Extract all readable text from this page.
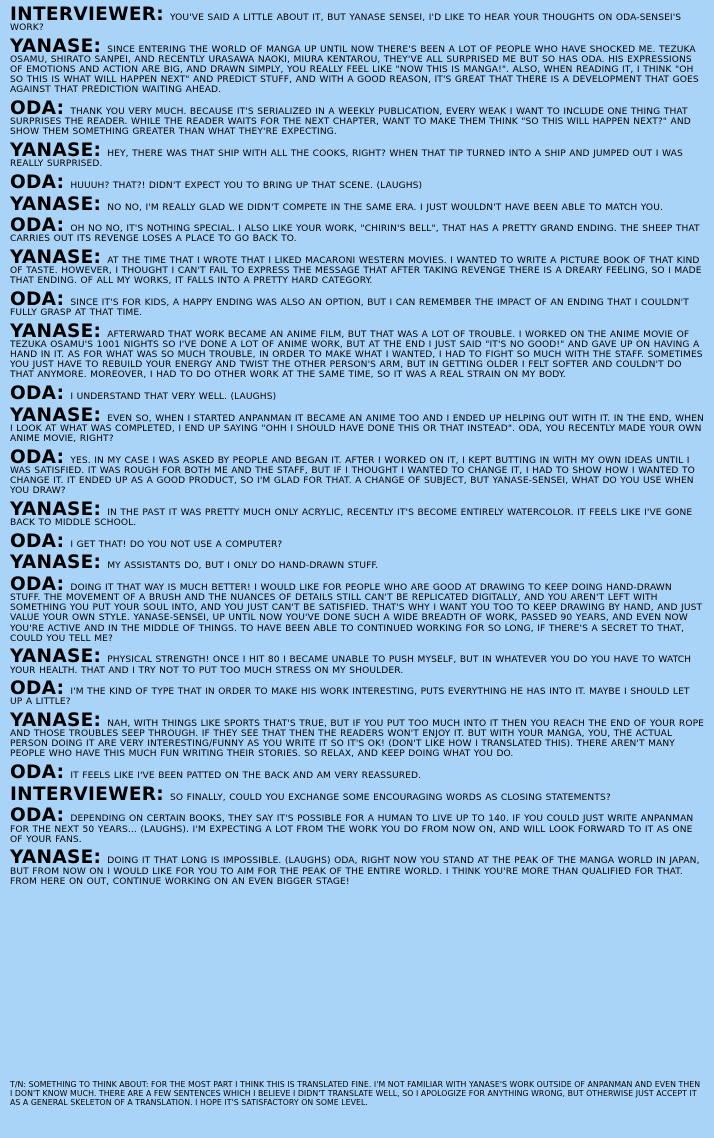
INTERVIEWER: YOU'VE SAID A LITTLE ABOUT IT, BUT YANASE SENSEI, I'D LIKE TO HEAR YOUR THOUGHTS ON ODA-SENSEI'S WORK?
YANASE: SINCE ENTERING THE WORLD OF MANGA UP UNTIL NOW THERE'S BEEN A LOT OF PEOPLE WHO HAVE SHOCKED ME. TEZUKA OSAMU, SHIRATO SANPEI, AND RECENTLY URASAWA NAOKI, MIURA KENTAROU, THEY'VE ALL SURPRISED ME BUT SO HAS ODA. HIS EXPRESSIONS OF EMOTIONS AND ACTION ARE BIG, AND DRAWN SIMPLY, YOU REALLY FEEL LIKE "NOW THIS IS MANGA!". ALSO, WHEN READING IT, I THINK "OH SO THIS IS WHAT WILL HAPPEN NEXT" AND PREDICT STUFF, AND WITH A GOOD REASON, IT'S GREAT THAT THERE IS A DEVELOPMENT THAT GOES AGAINST THAT PREDICTION WAITING AHEAD.
ODA: THANK YOU VERY MUCH. BECAUSE IT'S SERIALIZED IN A WEEKLY PUBLICATION, EVERY WEAK I WANT TO INCLUDE ONE THING THAT SURPRISES THE READER. WHILE THE READER WAITS FOR THE NEXT CHAPTER, WANT TO MAKE THEM THINK "SO THIS WILL HAPPEN NEXT?" AND SHOW THEM SOMETHING GREATER THAN WHAT THEY'RE EXPECTING.
YANASE: HEY, THERE WAS THAT SHIP WITH ALL THE COOKS, RIGHT? WHEN THAT TIP TURNED INTO A SHIP AND JUMPED OUT I WAS REALLY SURPRISED.
ODA: HUUUH? THAT?! DIDN'T EXPECT YOU TO BRING UP THAT SCENE. (LAUGHS)
YANASE: NO NO, I'M REALLY GLAD WE DIDN'T COMPETE IN THE SAME ERA. I JUST WOULDN'T HAVE BEEN ABLE TO MATCH YOU.
ODA: OH NO NO, IT'S NOTHING SPECIAL. I ALSO LIKE YOUR WORK, "CHIRIN'S BELL", THAT HAS A PRETTY GRAND ENDING. THE SHEEP THAT CARRIES OUT ITS REVENGE LOSES A PLACE TO GO BACK TO.
YANASE: AT THE TIME THAT I WROTE THAT I LIKED MACARONI WESTERN MOVIES. I WANTED TO WRITE A PICTURE BOOK OF THAT KIND OF TASTE. HOWEVER, I THOUGHT I CAN'T FAIL TO EXPRESS THE MESSAGE THAT AFTER TAKING REVENGE THERE IS A DREARY FEELING, SO I MADE THAT ENDING. OF ALL MY WORKS, IT FALLS INTO A PRETTY HARD CATEGORY.
ODA: SINCE IT'S FOR KIDS, A HAPPY ENDING WAS ALSO AN OPTION, BUT I CAN REMEMBER THE IMPACT OF AN ENDING THAT I COULDN'T FULLY GRASP AT THAT TIME.
YANASE: AFTERWARD THAT WORK BECAME AN ANIME FILM, BUT THAT WAS A LOT OF TROUBLE. I WORKED ON THE ANIME MOVIE OF TEZUKA OSAMU'S 1001 NIGHTS SO I'VE DONE A LOT OF ANIME WORK, BUT AT THE END I JUST SAID "IT'S NO GOOD!" AND GAVE UP ON HAVING A HAND IN IT. AS FOR WHAT WAS SO MUCH TROUBLE, IN ORDER TO MAKE WHAT I WANTED, I HAD TO FIGHT SO MUCH WITH THE STAFF. SOMETIMES YOU JUST HAVE TO REBUILD YOUR ENERGY AND TWIST THE OTHER PERSON'S ARM, BUT IN GETTING OLDER I FELT SOFTER AND COULDN'T DO THAT ANYMORE. MOREOVER, I HAD TO DO OTHER WORK AT THE SAME TIME, SO IT WAS A REAL STRAIN ON MY BODY.
ODA: I UNDERSTAND THAT VERY WELL. (LAUGHS)
YANASE: EVEN SO, WHEN I STARTED ANPANMAN IT BECAME AN ANIME TOO AND I ENDED UP HELPING OUT WITH IT. IN THE END, WHEN I LOOK AT WHAT WAS COMPLETED, I END UP SAYING "OHH I SHOULD HAVE DONE THIS OR THAT INSTEAD". ODA, YOU RECENTLY MADE YOUR OWN ANIME MOVIE, RIGHT?
ODA: YES. IN MY CASE I WAS ASKED BY PEOPLE AND BEGAN IT. AFTER I WORKED ON IT, I KEPT BUTTING IN WITH MY OWN IDEAS UNTIL I WAS SATISFIED. IT WAS ROUGH FOR BOTH ME AND THE STAFF, BUT IF I THOUGHT I WANTED TO CHANGE IT, I HAD TO SHOW HOW I WANTED TO CHANGE IT. IT ENDED UP AS A GOOD PRODUCT, SO I'M GLAD FOR THAT. A CHANGE OF SUBJECT, BUT YANASE-SENSEI, WHAT DO YOU USE WHEN YOU DRAW?
YANASE: IN THE PAST IT WAS PRETTY MUCH ONLY ACRYLIC, RECENTLY IT'S BECOME ENTIRELY WATERCOLOR. IT FEELS LIKE I'VE GONE BACK TO MIDDLE SCHOOL.
ODA: I GET THAT! DO YOU NOT USE A COMPUTER?
YANASE: MY ASSISTANTS DO, BUT I ONLY DO HAND-DRAWN STUFF.
ODA: DOING IT THAT WAY IS MUCH BETTER! I WOULD LIKE FOR PEOPLE WHO ARE GOOD AT DRAWING TO KEEP DOING HAND-DRAWN STUFF. THE MOVEMENT OF A BRUSH AND THE NUANCES OF DETAILS STILL CAN'T BE REPLICATED DIGITALLY, AND YOU AREN'T LEFT WITH SOMETHING YOU PUT YOUR SOUL INTO, AND YOU JUST CAN'T BE SATISFIED. THAT'S WHY I WANT YOU TOO TO KEEP DRAWING BY HAND, AND JUST VALUE YOUR OWN STYLE. YANASE-SENSEI, UP UNTIL NOW YOU'VE DONE SUCH A WIDE BREADTH OF WORK, PASSED 90 YEARS, AND EVEN NOW YOU'RE ACTIVE AND IN THE MIDDLE OF THINGS. TO HAVE BEEN ABLE TO CONTINUED WORKING FOR SO LONG, IF THERE'S A SECRET TO THAT, COULD YOU TELL ME?
YANASE: PHYSICAL STRENGTH! ONCE I HIT 80 I BECAME UNABLE TO PUSH MYSELF, BUT IN WHATEVER YOU DO YOU HAVE TO WATCH YOUR HEALTH. THAT AND I TRY NOT TO PUT TOO MUCH STRESS ON MY SHOULDER.
ODA: I'M THE KIND OF TYPE THAT IN ORDER TO MAKE HIS WORK INTERESTING, PUTS EVERYTHING HE HAS INTO IT. MAYBE I SHOULD LET UP A LITTLE?
YANASE: NAH, WITH THINGS LIKE SPORTS THAT'S TRUE, BUT IF YOU PUT TOO MUCH INTO IT THEN YOU REACH THE END OF YOUR ROPE AND THOSE TROUBLES SEEP THROUGH. IF THEY SEE THAT THEN THE READERS WON'T ENJOY IT. BUT WITH YOUR MANGA, YOU, THE ACTUAL PERSON DOING IT ARE VERY INTERESTING/FUNNY AS YOU WRITE IT SO IT'S OK! (DON'T LIKE HOW I TRANSLATED THIS). THERE AREN'T MANY PEOPLE WHO HAVE THIS MUCH FUN WRITING THEIR STORIES. SO RELAX, AND KEEP DOING WHAT YOU DO.
ODA: IT FEELS LIKE I'VE BEEN PATTED ON THE BACK AND AM VERY REASSURED.
INTERVIEWER: SO FINALLY, COULD YOU EXCHANGE SOME ENCOURAGING WORDS AS CLOSING STATEMENTS?
ODA: DEPENDING ON CERTAIN BOOKS, THEY SAY IT'S POSSIBLE FOR A HUMAN TO LIVE UP TO 140. IF YOU COULD JUST WRITE ANPANMAN FOR THE NEXT 50 YEARS... (LAUGHS). I'M EXPECTING A LOT FROM THE WORK YOU DO FROM NOW ON, AND WILL LOOK FORWARD TO IT AS ONE OF YOUR FANS.
YANASE: DOING IT THAT LONG IS IMPOSSIBLE. (LAUGHS) ODA, RIGHT NOW YOU STAND AT THE PEAK OF THE MANGA WORLD IN JAPAN, BUT FROM NOW ON I WOULD LIKE FOR YOU TO AIM FOR THE PEAK OF THE ENTIRE WORLD. I THINK YOU'RE MORE THAN QUALIFIED FOR THAT. FROM HERE ON OUT, CONTINUE WORKING ON AN EVEN BIGGER STAGE!
T/N: SOMETHING TO THINK ABOUT: FOR THE MOST PART I THINK THIS IS TRANSLATED FINE. I'M NOT FAMILIAR WITH YANASE'S WORK OUTSIDE OF ANPANMAN AND EVEN THEN I DON'T KNOW MUCH. THERE ARE A FEW SENTENCES WHICH I BELIEVE I DIDN'T TRANSLATE WELL, SO I APOLOGIZE FOR ANYTHING WRONG, BUT OTHERWISE JUST ACCEPT IT AS A GENERAL SKELETON OF A TRANSLATION. I HOPE IT'S SATISFACTORY ON SOME LEVEL.
